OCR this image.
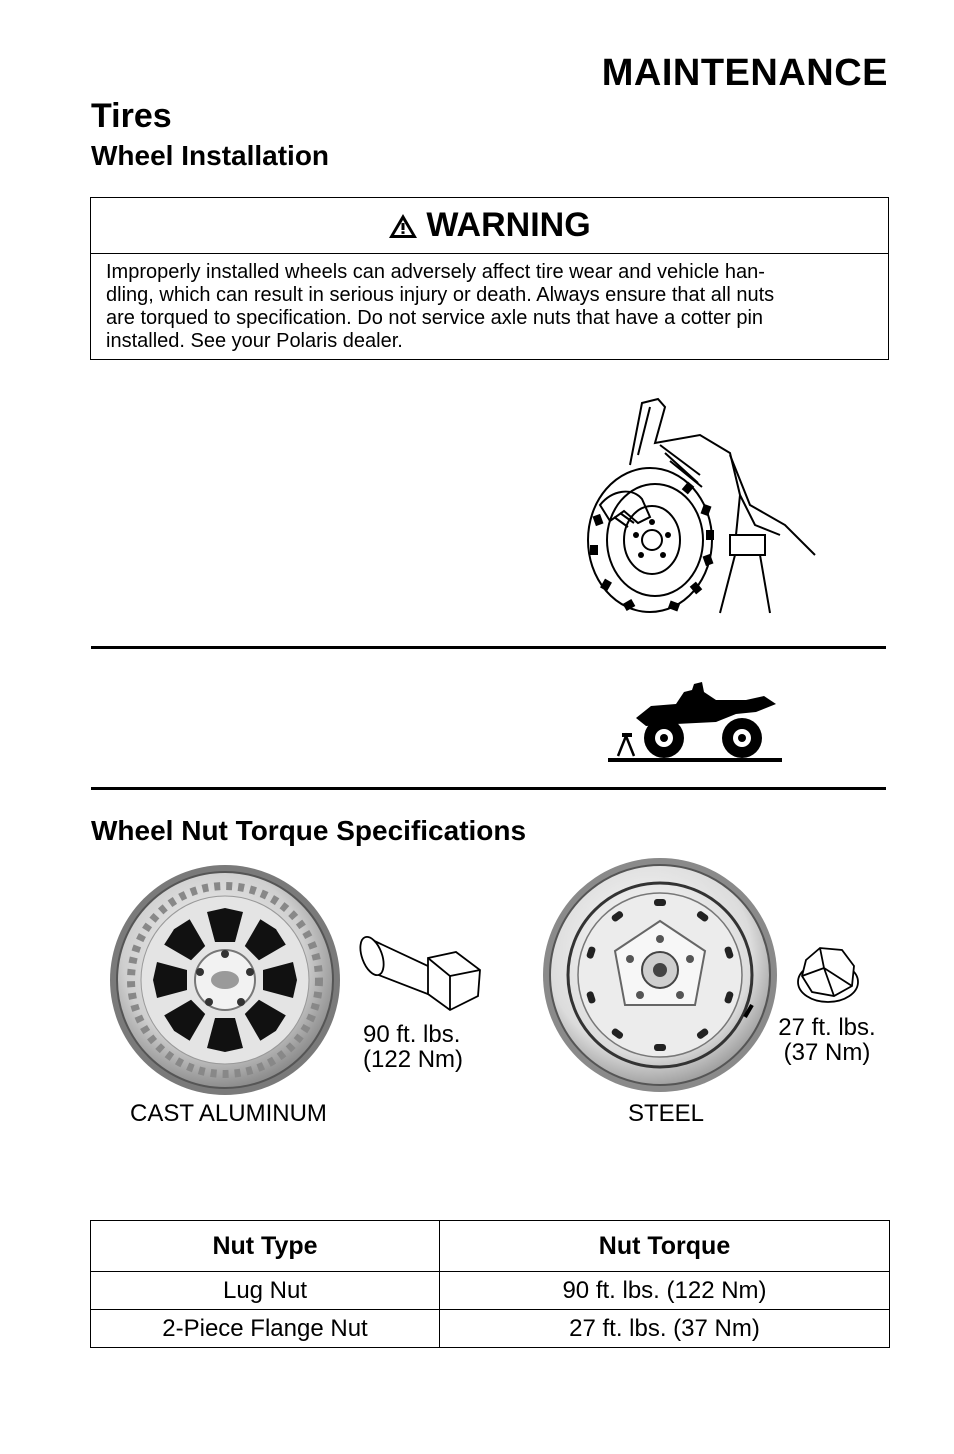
MAINTENANCE
Tires
Wheel Installation
WARNING
Improperly installed wheels can adversely affect tire wear and vehicle han-
dling, which can result in serious injury or death. Always ensure that all nuts
are torqued to specification. Do not service axle nuts that have a cotter pin
installed. See your Polaris dealer.
Wheel Nut Torque Specifications
90 ft. lbs.
(122 Nm)
CAST ALUMINUM
27 ft. lbs.
(37 Nm)
STEEL
Nut Type	Nut Torque
Lug Nut	90 ft. lbs. (122 Nm)
2-Piece Flange Nut	27 ft. lbs. (37 Nm)
